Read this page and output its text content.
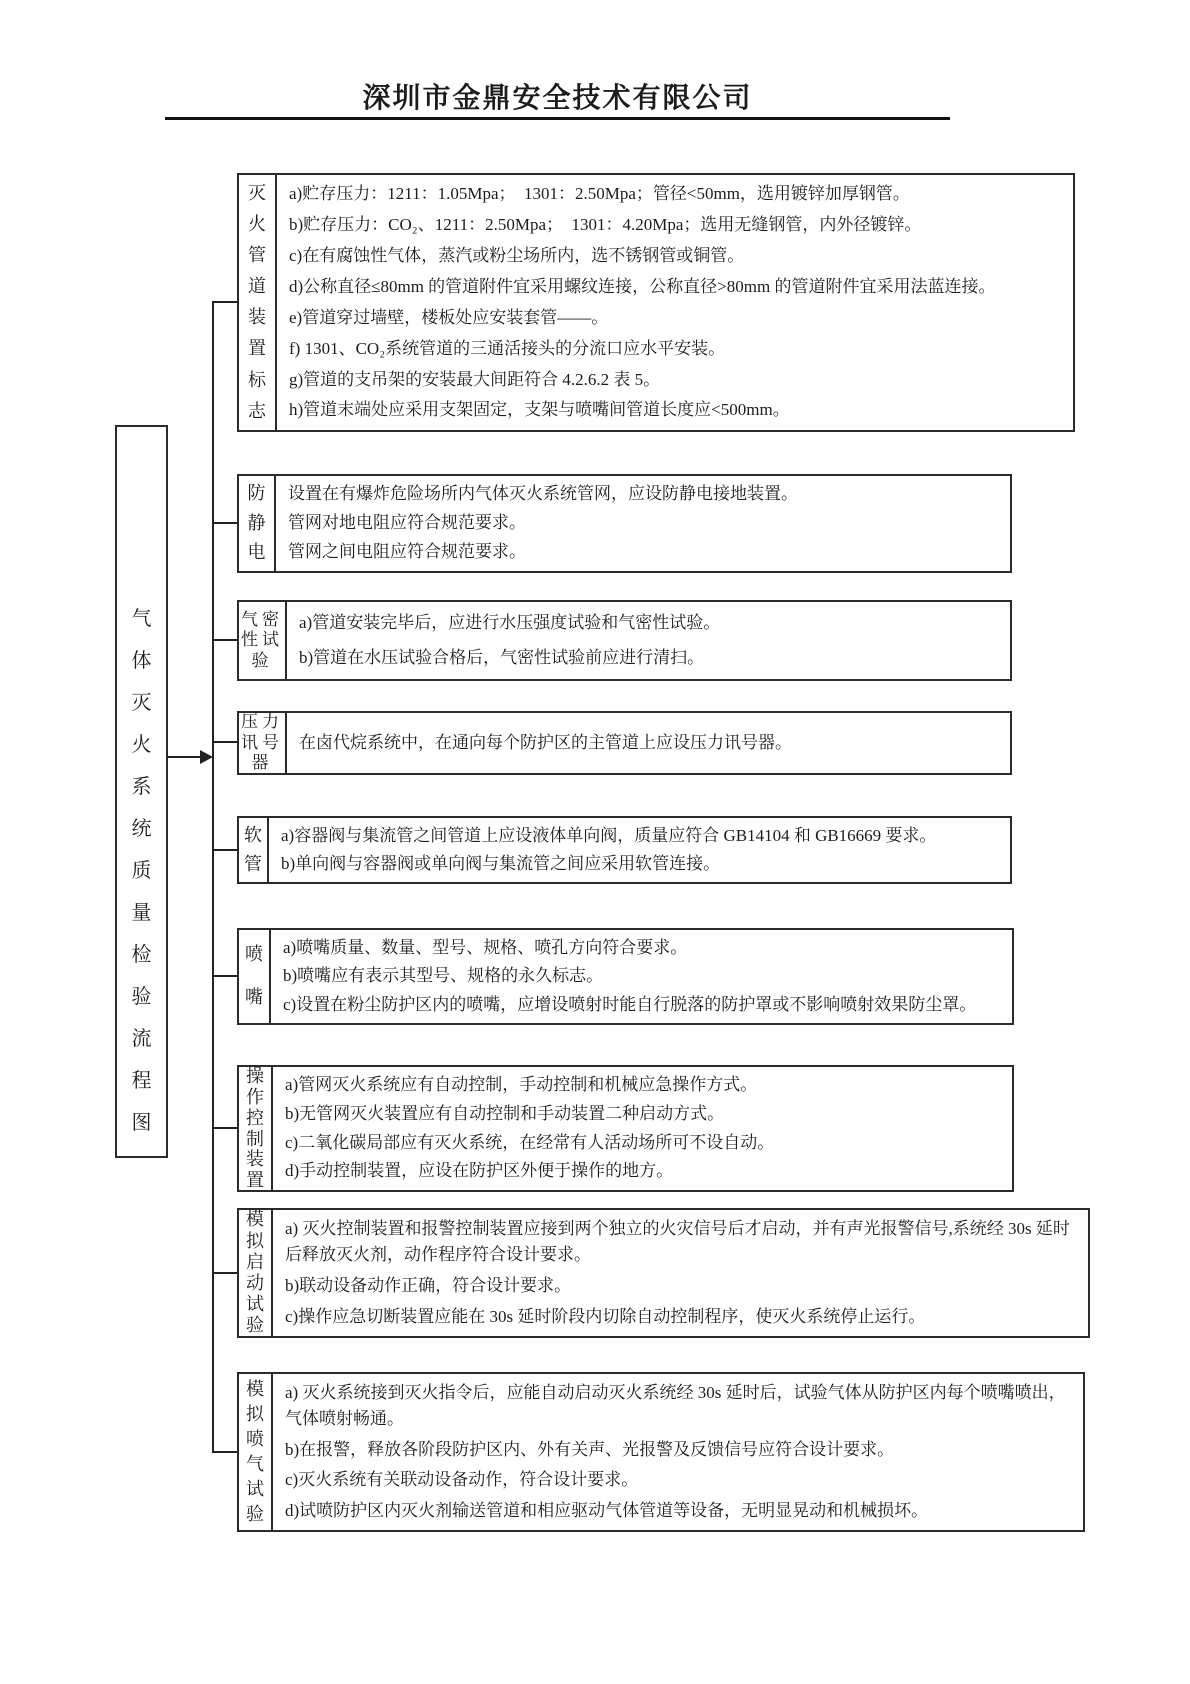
深圳市金鼎安全技术有限公司
气
体
灭
火
系
统
质
量
检
验
流
程
图
灭
火
管
道
装
置
标
志
a)贮存压力：1211：1.05Mpa；  1301：2.50Mpa；管径<50mm，选用镀锌加厚钢管。
b)贮存压力：CO₂、1211：2.50Mpa；  1301：4.20Mpa；选用无缝钢管，内外径镀锌。
c)在有腐蚀性气体，蒸汽或粉尘场所内，选不锈钢管或铜管。
d)公称直径≤80mm 的管道附件宜采用螺纹连接，公称直径>80mm 的管道附件宜采用法蓝连接。
e)管道穿过墙壁，楼板处应安装套管——。
f) 1301、CO₂系统管道的三通活接头的分流口应水平安装。
g)管道的支吊架的安装最大间距符合 4.2.6.2 表 5。
h)管道末端处应采用支架固定，支架与喷嘴间管道长度应<500mm。
防
静
电
设置在有爆炸危险场所内气体灭火系统管网，应设防静电接地装置。
管网对地电阻应符合规范要求。
管网之间电阻应符合规范要求。
气密
性试
验
a)管道安装完毕后，应进行水压强度试验和气密性试验。
b)管道在水压试验合格后，气密性试验前应进行清扫。
压力
讯号
器
在卤代烷系统中，在通向每个防护区的主管道上应设压力讯号器。
软
管
a)容器阀与集流管之间管道上应设液体单向阀，质量应符合 GB14104 和 GB16669 要求。
b)单向阀与容器阀或单向阀与集流管之间应采用软管连接。
喷
嘴
a)喷嘴质量、数量、型号、规格、喷孔方向符合要求。
b)喷嘴应有表示其型号、规格的永久标志。
c)设置在粉尘防护区内的喷嘴，应增设喷射时能自行脱落的防护罩或不影响喷射效果防尘罩。
操
作
控
制
装
置
a)管网灭火系统应有自动控制，手动控制和机械应急操作方式。
b)无管网灭火装置应有自动控制和手动装置二种启动方式。
c)二氧化碳局部应有灭火系统，在经常有人活动场所可不设自动。
d)手动控制装置，应设在防护区外便于操作的地方。
模
拟
启
动
试
验
a) 灭火控制装置和报警控制装置应接到两个独立的火灾信号后才启动，并有声光报警信号,系统经 30s 延时后释放灭火剂，动作程序符合设计要求。
b)联动设备动作正确，符合设计要求。
c)操作应急切断装置应能在 30s 延时阶段内切除自动控制程序，使灭火系统停止运行。
模
拟
喷
气
试
验
a) 灭火系统接到灭火指令后，应能自动启动灭火系统经 30s 延时后，试验气体从防护区内每个喷嘴喷出，气体喷射畅通。
b)在报警，释放各阶段防护区内、外有关声、光报警及反馈信号应符合设计要求。
c)灭火系统有关联动设备动作，符合设计要求。
d)试喷防护区内灭火剂输送管道和相应驱动气体管道等设备，无明显晃动和机械损坏。
